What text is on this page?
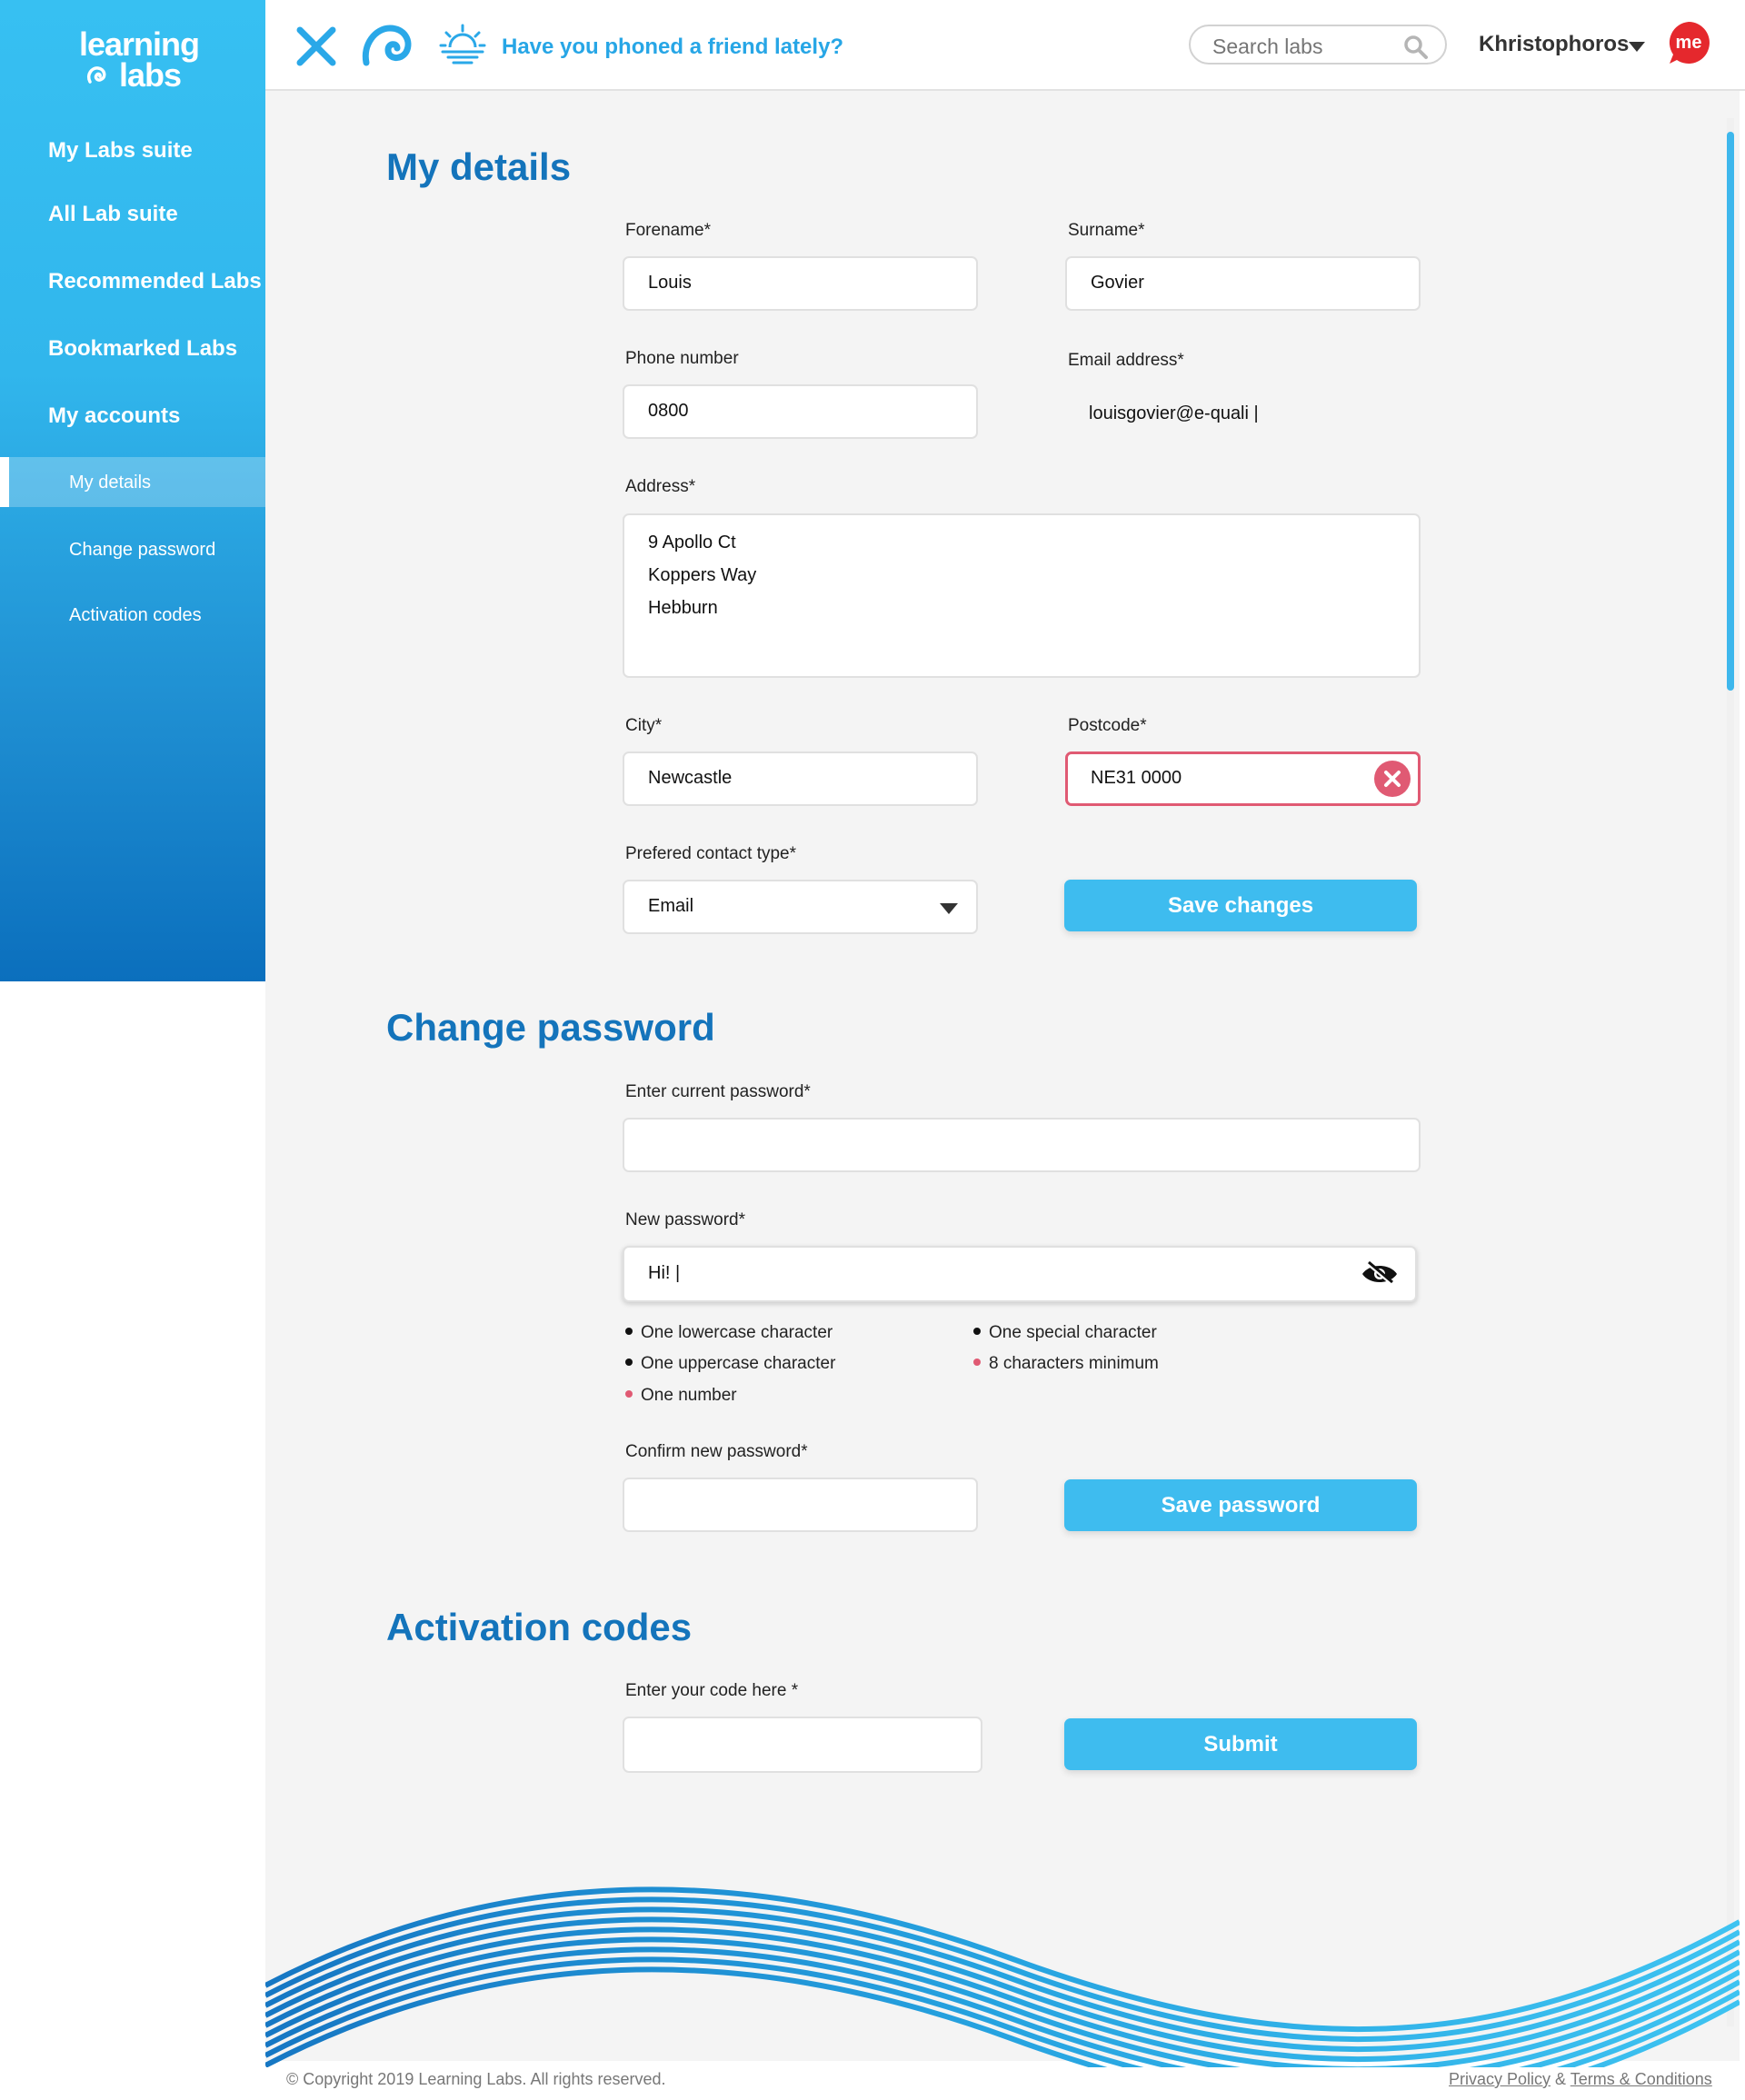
learning
labs
My Labs suite
All Lab suite
Recommended Labs
Bookmarked Labs
My accounts
My details
Change password
Activation codes
Have you phoned a friend lately?
Search labs	Khristophoros	me
My details
Forename*
Louis
Surname*
Govier
Phone number
0800
Email address*
louisgovier@e-quali |
Address*
9 Apollo Ct
Koppers Way
Hebburn
City*
Newcastle
Postcode*
NE31 0000
Prefered contact type*
Email	Save changes
Change password
Enter current password*
New password*
Hi! |
One lowercase character
One uppercase character
One number
One special character
8 characters minimum
Confirm new password*
Save password
Activation codes
Enter your code here *
Submit
© Copyright 2019 Learning Labs. All rights reserved.	Privacy Policy & Terms & Conditions
